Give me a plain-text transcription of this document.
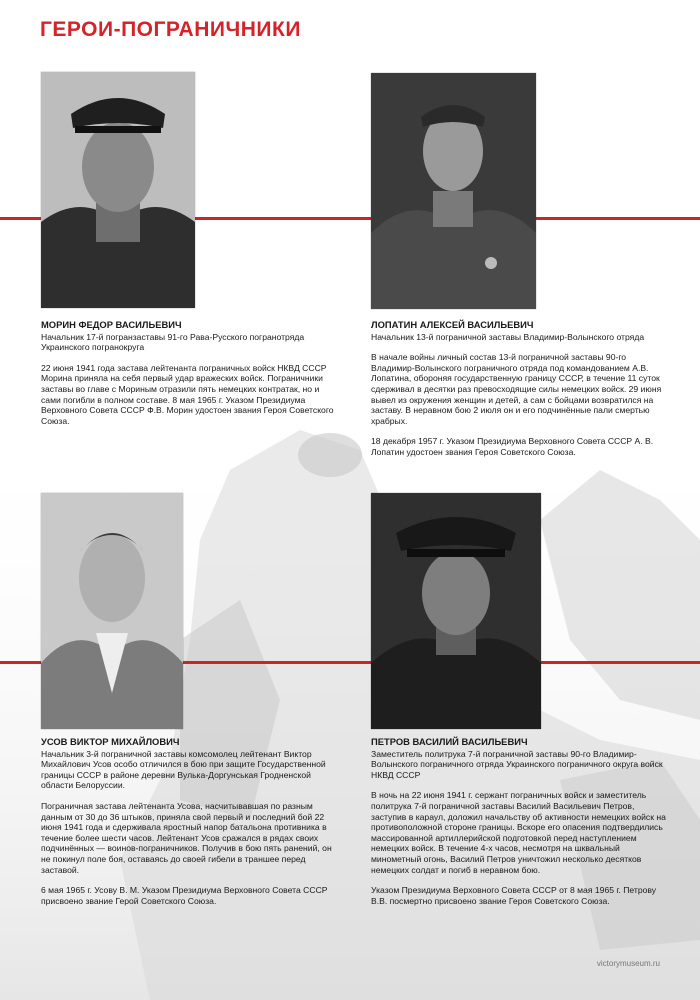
ГЕРОИ-ПОГРАНИЧНИКИ
МОРИН ФЕДОР ВАСИЛЬЕВИЧ
Начальник 17-й погранзаставы 91-го Рава-Русского погранотряда Украинского погранокруга

22 июня 1941 года застава лейтенанта пограничных войск НКВД СССР Морина приняла на себя первый удар вражеских войск. Пограничники заставы во главе с Мориным отразили пять немецких контратак, но и сами погибли в полном составе. 8 мая 1965 г. Указом Президиума Верховного Совета СССР Ф.В. Морин удостоен звания Героя Советского Союза.

ЛОПАТИН АЛЕКСЕЙ ВАСИЛЬЕВИЧ
Начальник 13-й пограничной заставы Владимир-Волынского отряда

В начале войны личный состав 13-й пограничной заставы 90-го Владимир-Волынского пограничного отряда под командованием А.В. Лопатина, обороняя государственную границу СССР, в течение 11 суток сдерживал в десятки раз превосходящие силы немецких войск. 29 июня вывел из окружения женщин и детей, а сам с бойцами возвратился на заставу. В неравном бою 2 июля он и его подчинённые пали смертью храбрых.

18 декабря 1957 г. Указом Президиума Верховного Совета СССР А. В. Лопатин удостоен звания Героя Советского Союза.

УСОВ ВИКТОР МИХАЙЛОВИЧ
Начальник 3-й пограничной заставы комсомолец лейтенант Виктор Михайлович Усов особо отличился в бою при защите Государственной границы СССР в районе деревни Вулька-Доргунськая Гродненской области Белоруссии.

Пограничная застава лейтенанта Усова, насчитывавшая по разным данным от 30 до 36 штыков, приняла свой первый и последний бой 22 июня 1941 года и сдерживала яростный напор батальона противника в течение более шести часов. Лейтенант Усов сражался в рядах своих подчинённых — воинов-пограничников. Получив в бою пять ранений, он не покинул поле боя, оставаясь до своей гибели в траншее перед заставой.

6 мая 1965 г. Усову В. М. Указом Президиума Верховного Совета СССР присвоено звание Герой Советского Союза.

ПЕТРОВ ВАСИЛИЙ ВАСИЛЬЕВИЧ
Заместитель политрука 7-й пограничной заставы 90-го Владимир-Волынского пограничного отряда Украинского пограничного округа войск НКВД СССР

В ночь на 22 июня 1941 г. сержант пограничных войск и заместитель политрука 7-й пограничной заставы Василий Васильевич Петров, заступив в караул, доложил начальству об активности немецких войск на противоположной стороне границы. Вскоре его опасения подтвердились массированной артиллерийской подготовкой перед наступлением немецких войск. В течение 4-х часов, несмотря на шквальный минометный огонь, Василий Петров уничтожил несколько десятков немецких солдат и погиб в неравном бою.

Указом Президиума Верховного Совета СССР от 8 мая 1965 г. Петрову В.В. посмертно присвоено звание Героя Советского Союза.

victorymuseum.ru
